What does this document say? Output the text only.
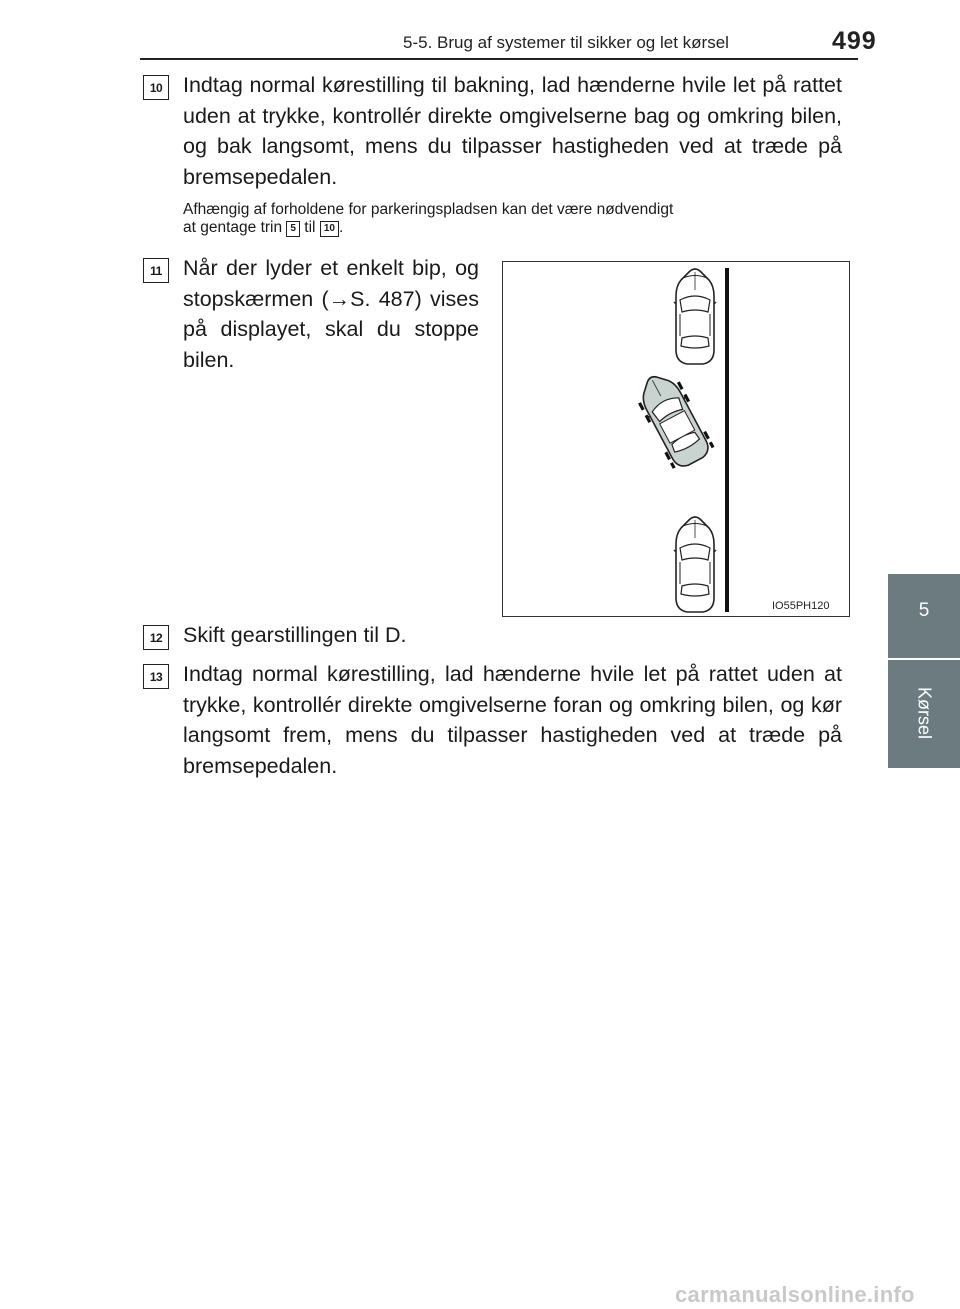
5-5. Brug af systemer til sikker og let kørsel	499
5
Kørsel
10 Indtag normal kørestilling til bakning, lad hænderne hvile let på rattet uden at trykke, kontrollér direkte omgivelserne bag og omkring bilen, og bak langsomt, mens du tilpasser hastigheden ved at træde på bremsepedalen.
Afhængig af forholdene for parkeringspladsen kan det være nødvendigt
at gentage trin 5 til 10 .
11 Når der lyder et enkelt bip, og stopskærmen (→S. 487) vises på displayet, skal du stoppe bilen.
IO55PH120
12 Skift gearstillingen til D.
13 Indtag normal kørestilling, lad hænderne hvile let på rattet uden at trykke, kontrollér direkte omgivelserne foran og omkring bilen, og kør langsomt frem, mens du tilpasser hastigheden ved at træde på bremsepedalen.
carmanualsonline.info
